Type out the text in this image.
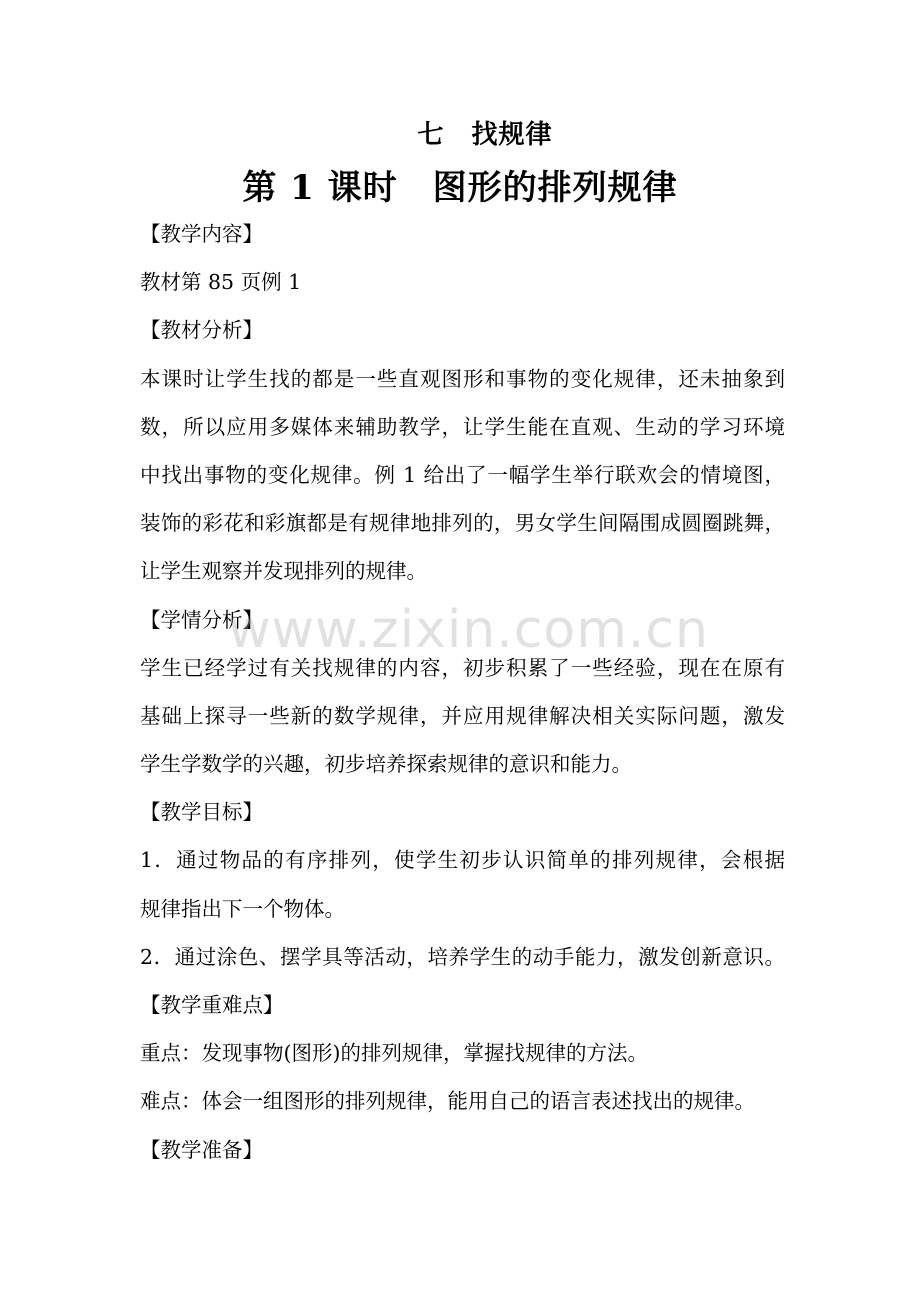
七　找规律
第 1 课时　图形的排列规律
【教学内容】
教材第 85 页例 1
【教材分析】
本课时让学生找的都是一些直观图形和事物的变化规律，还未抽象到
数，所以应用多媒体来辅助教学，让学生能在直观、生动的学习环境
中找出事物的变化规律。例 1 给出了一幅学生举行联欢会的情境图，
装饰的彩花和彩旗都是有规律地排列的，男女学生间隔围成圆圈跳舞，
让学生观察并发现排列的规律。
【学情分析】
学生已经学过有关找规律的内容，初步积累了一些经验，现在在原有
基础上探寻一些新的数学规律，并应用规律解决相关实际问题，激发
学生学数学的兴趣，初步培养探索规律的意识和能力。
【教学目标】
1．通过物品的有序排列，使学生初步认识简单的排列规律，会根据
规律指出下一个物体。
2．通过涂色、摆学具等活动，培养学生的动手能力，激发创新意识。
【教学重难点】
重点：发现事物(图形)的排列规律，掌握找规律的方法。
难点：体会一组图形的排列规律，能用自己的语言表述找出的规律。
【教学准备】
www.zixin.com.cn
